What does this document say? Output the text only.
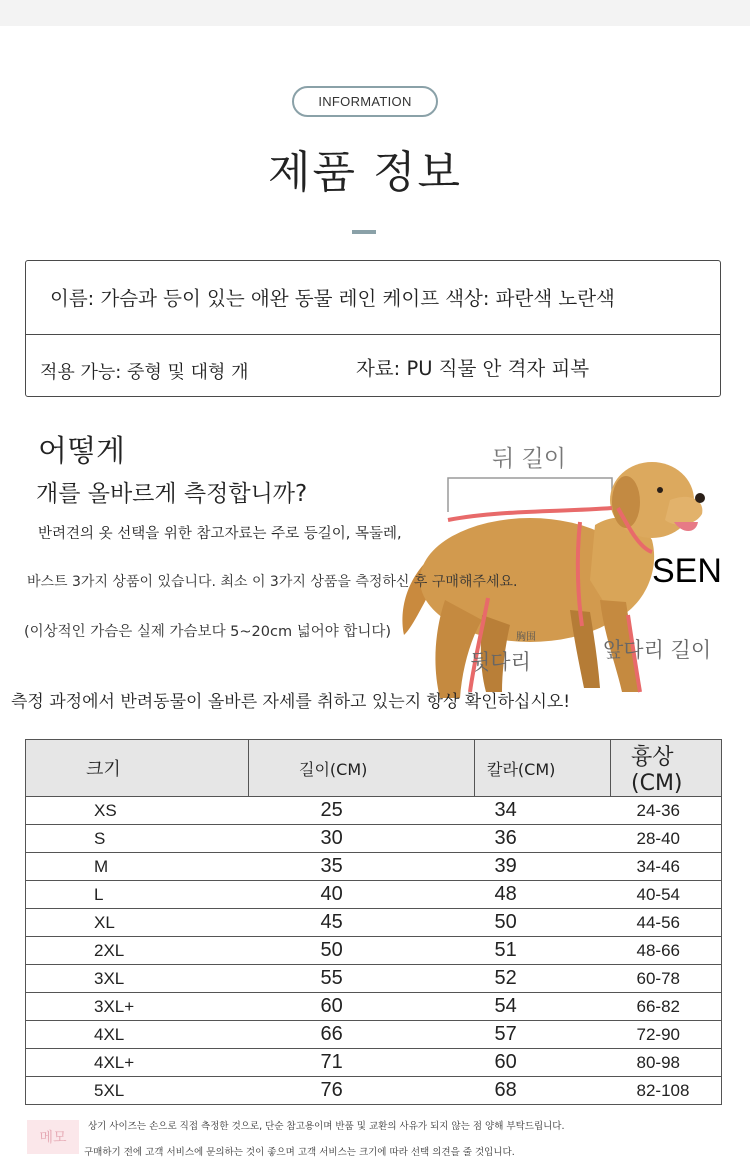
INFORMATION
제품 정보
이름: 가슴과 등이 있는 애완 동물 레인 케이프 색상: 파란색 노란색
적용 가능: 중형 및 대형 개	자료: PU 직물 안 격자 피복
어떻게
개를 올바르게 측정합니까?
뒤 길이
SEN
胸围
뒷다리	앞다리 길이
반려견의 옷 선택을 위한 참고자료는 주로 등길이, 목둘레,
바스트 3가지 상품이 있습니다. 최소 이 3가지 상품을 측정하신 후 구매해주세요.
(이상적인 가슴은 실제 가슴보다 5~20cm 넓어야 합니다)
측정 과정에서 반려동물이 올바른 자세를 취하고 있는지 항상 확인하십시오!
크기	길이(CM)	칼라(CM)	흉상(CM)
XS	25	34	24-36
S	30	36	28-40
M	35	39	34-46
L	40	48	40-54
XL	45	50	44-56
2XL	50	51	48-66
3XL	55	52	60-78
3XL+	60	54	66-82
4XL	66	57	72-90
4XL+	71	60	80-98
5XL	76	68	82-108
메모
상기 사이즈는 손으로 직접 측정한 것으로, 단순 참고용이며 반품 및 교환의 사유가 되지 않는 점 양해 부탁드립니다.
구매하기 전에 고객 서비스에 문의하는 것이 좋으며 고객 서비스는 크기에 따라 선택 의견을 줄 것입니다.
